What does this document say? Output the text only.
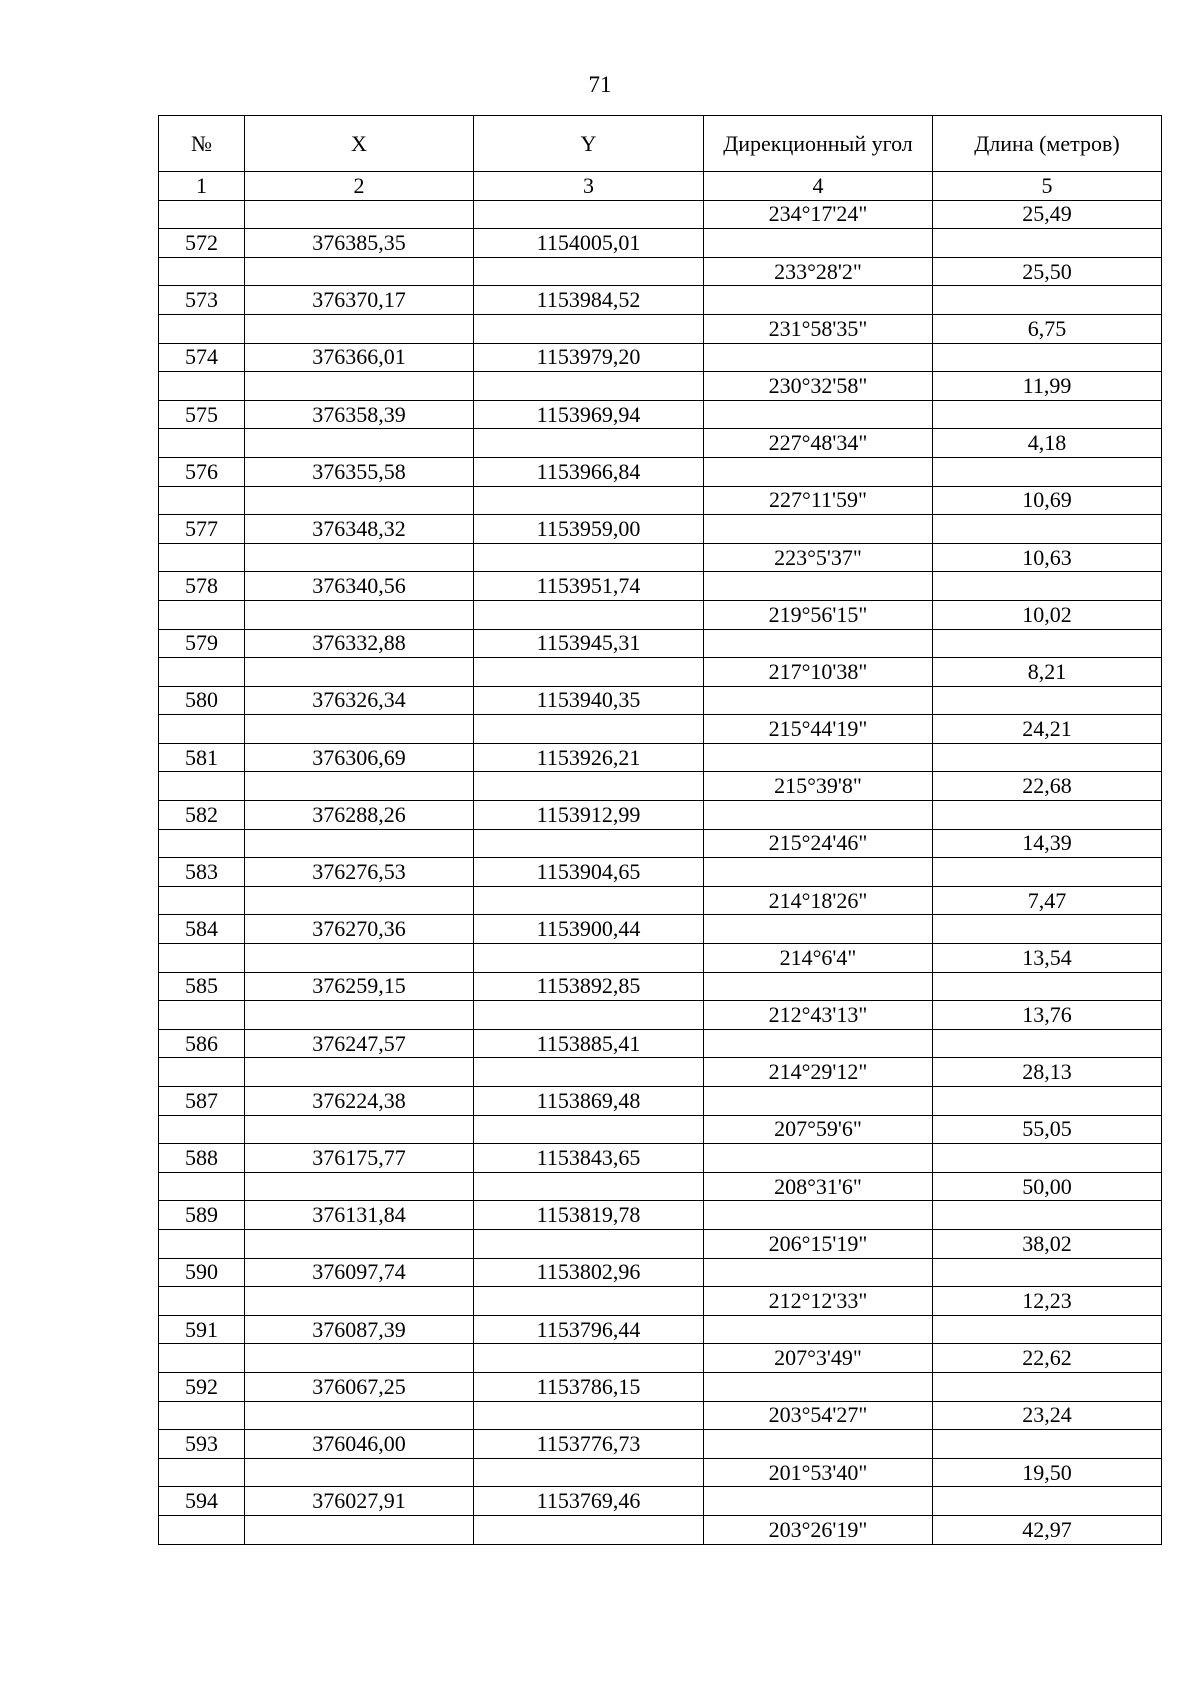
71
№	X	Y	Дирекционный угол	Длина (метров)
1	2	3	4	5
			234°17'24"	25,49
572	376385,35	1154005,01		
			233°28'2"	25,50
573	376370,17	1153984,52		
			231°58'35"	6,75
574	376366,01	1153979,20		
			230°32'58"	11,99
575	376358,39	1153969,94		
			227°48'34"	4,18
576	376355,58	1153966,84		
			227°11'59"	10,69
577	376348,32	1153959,00		
			223°5'37"	10,63
578	376340,56	1153951,74		
			219°56'15"	10,02
579	376332,88	1153945,31		
			217°10'38"	8,21
580	376326,34	1153940,35		
			215°44'19"	24,21
581	376306,69	1153926,21		
			215°39'8"	22,68
582	376288,26	1153912,99		
			215°24'46"	14,39
583	376276,53	1153904,65		
			214°18'26"	7,47
584	376270,36	1153900,44		
			214°6'4"	13,54
585	376259,15	1153892,85		
			212°43'13"	13,76
586	376247,57	1153885,41		
			214°29'12"	28,13
587	376224,38	1153869,48		
			207°59'6"	55,05
588	376175,77	1153843,65		
			208°31'6"	50,00
589	376131,84	1153819,78		
			206°15'19"	38,02
590	376097,74	1153802,96		
			212°12'33"	12,23
591	376087,39	1153796,44		
			207°3'49"	22,62
592	376067,25	1153786,15		
			203°54'27"	23,24
593	376046,00	1153776,73		
			201°53'40"	19,50
594	376027,91	1153769,46		
			203°26'19"	42,97
